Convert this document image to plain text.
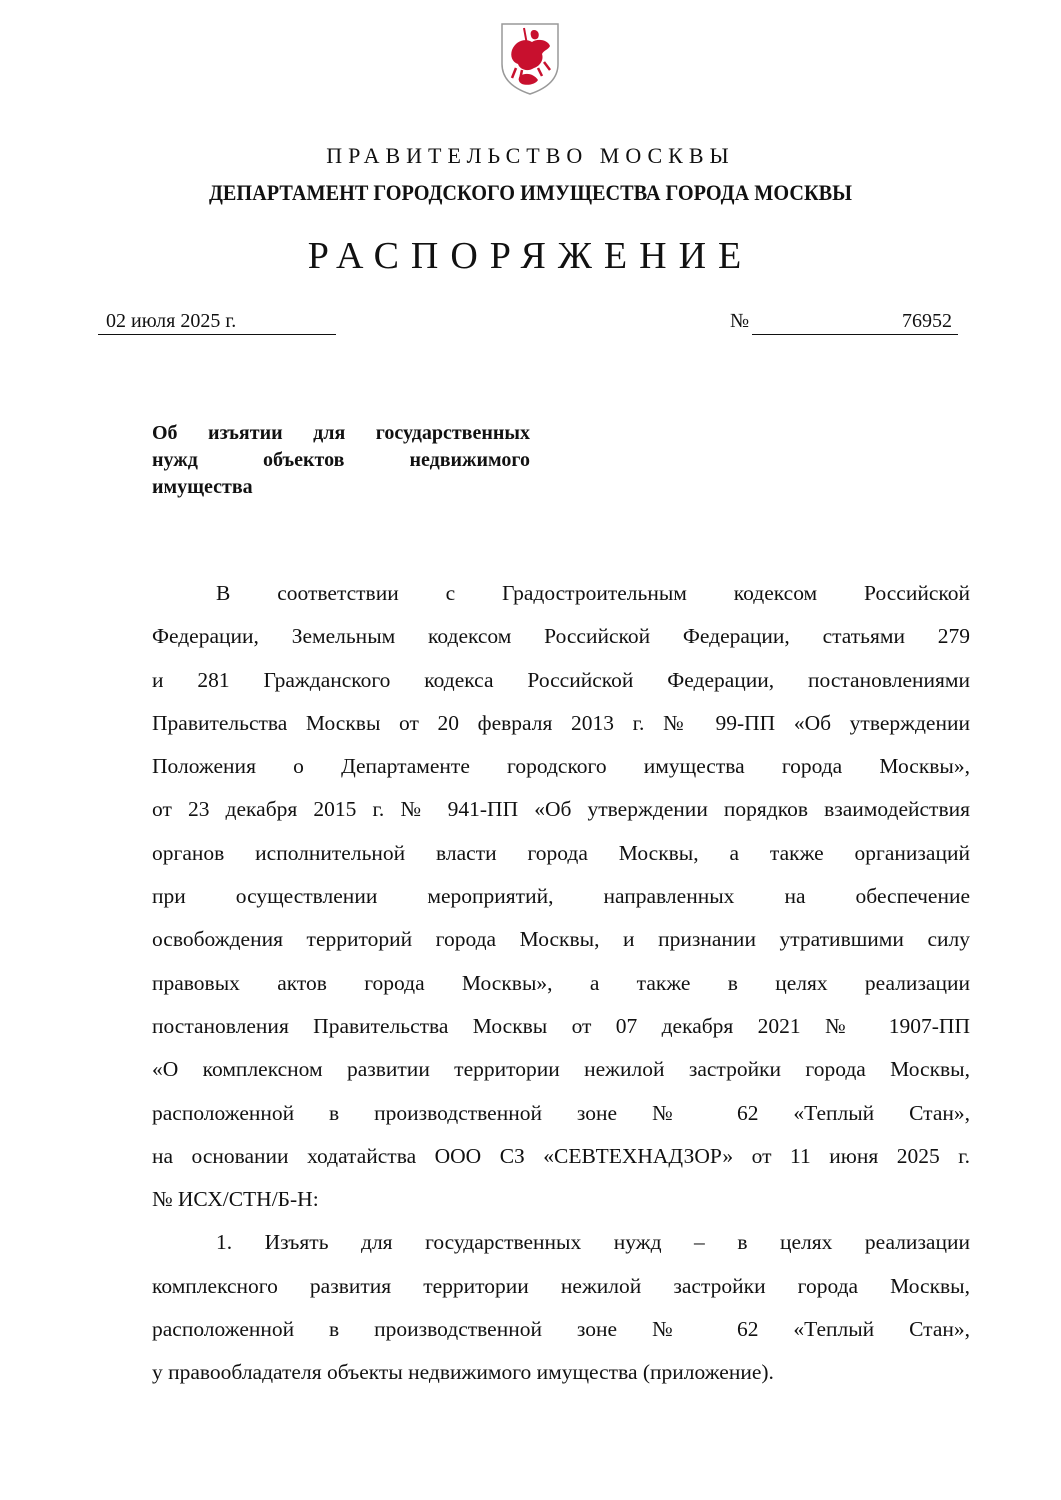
ПРАВИТЕЛЬСТВО МОСКВЫ
ДЕПАРТАМЕНТ ГОРОДСКОГО ИМУЩЕСТВА ГОРОДА МОСКВЫ
РАСПОРЯЖЕНИЕ
02 июля 2025 г.	№	76952
Об изъятии для государственных
нужд объектов недвижимого
имущества
В соответствии с Градостроительным кодексом Российской
Федерации, Земельным кодексом Российской Федерации, статьями 279
и 281 Гражданского кодекса Российской Федерации, постановлениями
Правительства Москвы от 20 февраля 2013 г. № 99-ПП «Об утверждении
Положения о Департаменте городского имущества города Москвы»,
от 23 декабря 2015 г. № 941-ПП «Об утверждении порядков взаимодействия
органов исполнительной власти города Москвы, а также организаций
при осуществлении мероприятий, направленных на обеспечение
освобождения территорий города Москвы, и признании утратившими силу
правовых актов города Москвы», а также в целях реализации
постановления Правительства Москвы от 07 декабря 2021 № 1907-ПП
«О комплексном развитии территории нежилой застройки города Москвы,
расположенной в производственной зоне № 62 «Теплый Стан»,
на основании ходатайства ООО СЗ «СЕВТЕХНАДЗОР» от 11 июня 2025 г.
№ ИСХ/СТН/Б-Н:
1. Изъять для государственных нужд – в целях реализации
комплексного развития территории нежилой застройки города Москвы,
расположенной в производственной зоне № 62 «Теплый Стан»,
у правообладателя объекты недвижимого имущества (приложение).
